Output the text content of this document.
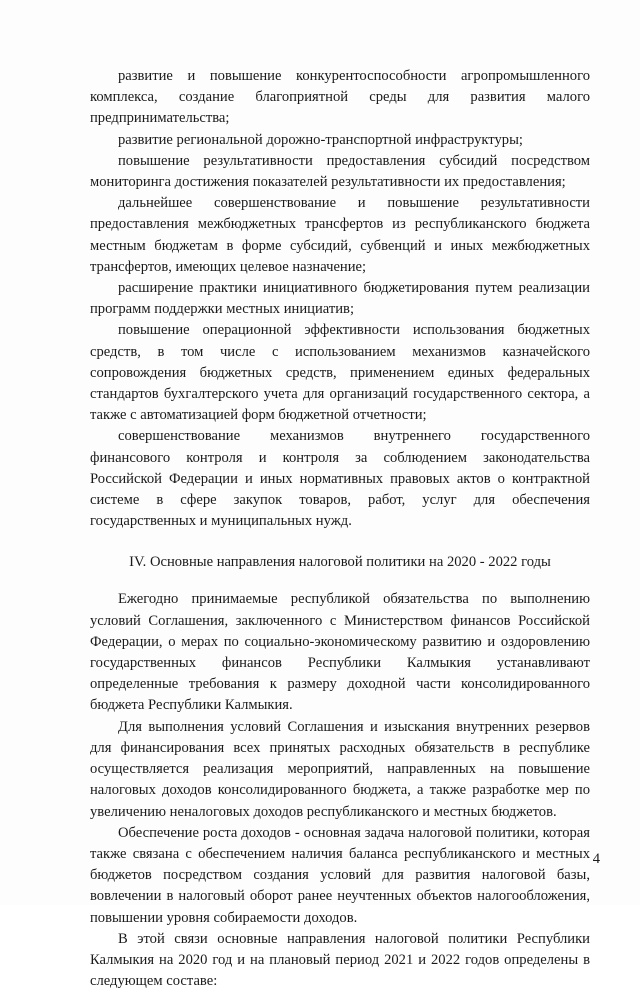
развитие и повышение конкурентоспособности агропромышленного комплекса, создание благоприятной среды для развития малого предпринимательства;

развитие региональной дорожно-транспортной инфраструктуры;

повышение результативности предоставления субсидий посредством мониторинга достижения показателей результативности их предоставления;

дальнейшее совершенствование и повышение результативности предоставления межбюджетных трансфертов из республиканского бюджета местным бюджетам в форме субсидий, субвенций и иных межбюджетных трансфертов, имеющих целевое назначение;

расширение практики инициативного бюджетирования путем реализации программ поддержки местных инициатив;

повышение операционной эффективности использования бюджетных средств, в том числе с использованием механизмов казначейского сопровождения бюджетных средств, применением единых федеральных стандартов бухгалтерского учета для организаций государственного сектора, а также с автоматизацией форм бюджетной отчетности;

совершенствование механизмов внутреннего государственного финансового контроля и контроля за соблюдением законодательства Российской Федерации и иных нормативных правовых актов о контрактной системе в сфере закупок товаров, работ, услуг для обеспечения государственных и муниципальных нужд.

IV. Основные направления налоговой политики на 2020 - 2022 годы

Ежегодно принимаемые республикой обязательства по выполнению условий Соглашения, заключенного с Министерством финансов Российской Федерации, о мерах по социально-экономическому развитию и оздоровлению государственных финансов Республики Калмыкия устанавливают определенные требования к размеру доходной части консолидированного бюджета Республики Калмыкия.

Для выполнения условий Соглашения и изыскания внутренних резервов для финансирования всех принятых расходных обязательств в республике осуществляется реализация мероприятий, направленных на повышение налоговых доходов консолидированного бюджета, а также разработке мер по увеличению неналоговых доходов республиканского и местных бюджетов.

Обеспечение роста доходов - основная задача налоговой политики, которая также связана с обеспечением наличия баланса республиканского и местных бюджетов посредством создания условий для развития налоговой базы, вовлечении в налоговый оборот ранее неучтенных объектов налогообложения, повышении уровня собираемости доходов.

В этой связи основные направления налоговой политики Республики Калмыкия на 2020 год и на плановый период 2021 и 2022 годов определены в следующем составе:

4
